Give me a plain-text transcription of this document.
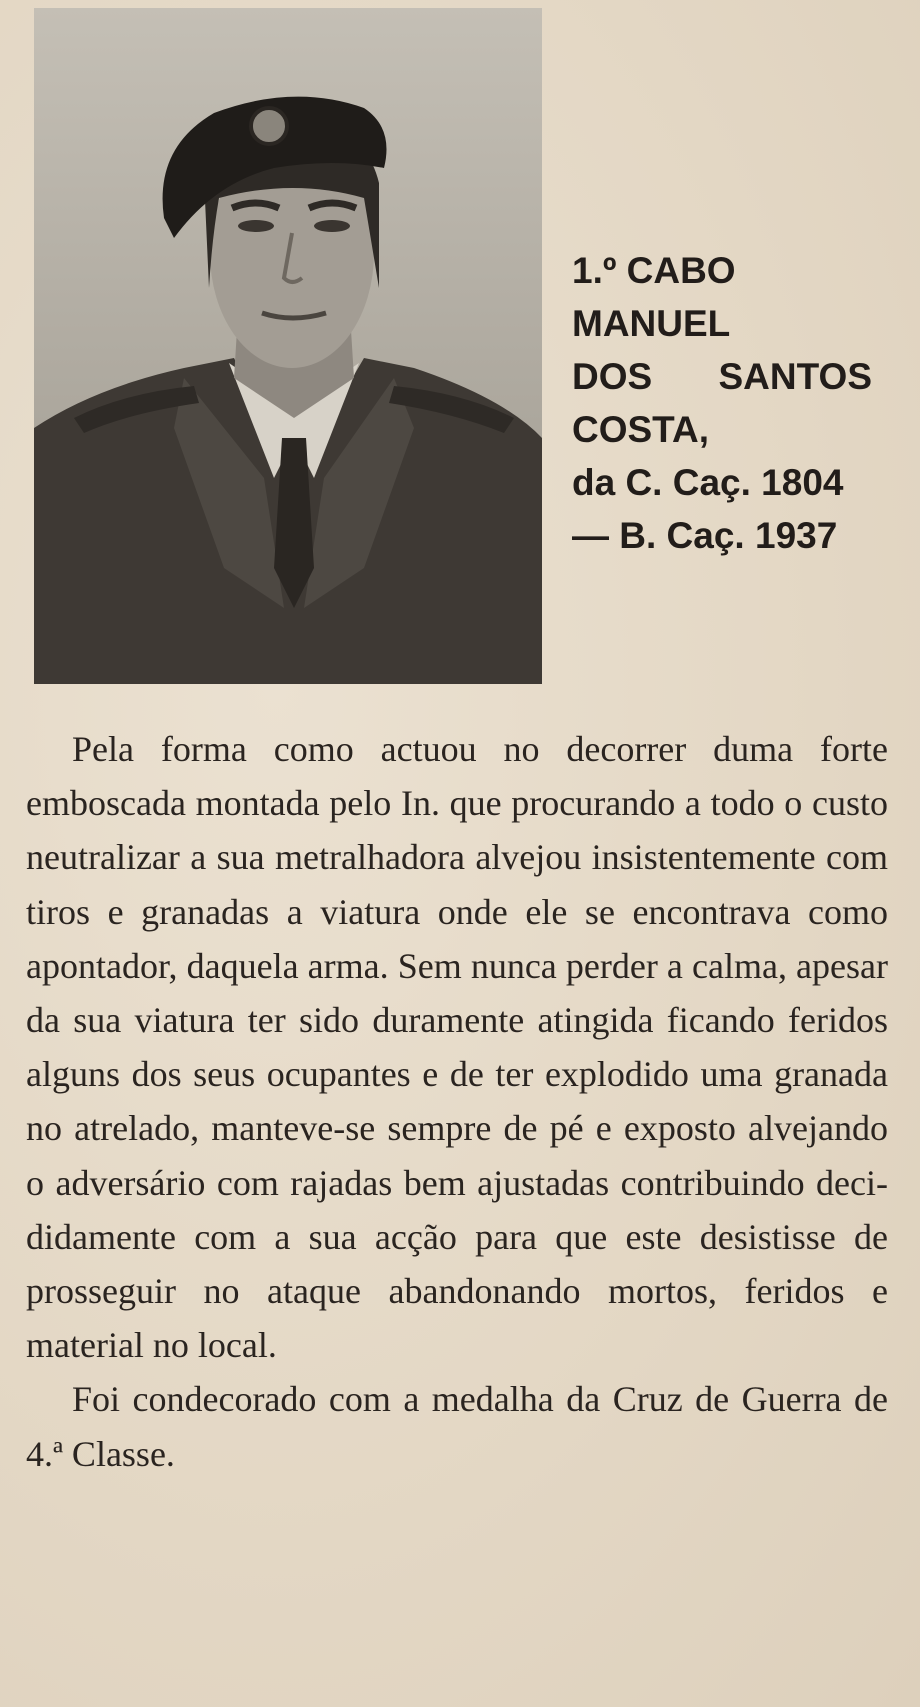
1.º CABO
MANUEL
DOS SANTOS
COSTA,
da C. Caç. 1804
— B. Caç. 1937

Pela forma como actuou no decorrer duma forte emboscada montada pelo In. que procurando a todo o custo neutralizar a sua metralhadora alvejou insistentemente com tiros e granadas a viatura onde ele se encontrava como apontador, daquela arma. Sem nunca perder a calma, apesar da sua viatura ter sido duramente atingida ficando feridos alguns dos seus ocupantes e de ter explodido uma granada no atrelado, manteve-se sempre de pé e exposto alvejando o adversário com rajadas bem ajustadas contribuindo decididamente com a sua acção para que este desistisse de prosseguir no ataque abandonando mortos, feridos e material no local.

Foi condecorado com a medalha da Cruz de Guerra de 4.ª Classe.
